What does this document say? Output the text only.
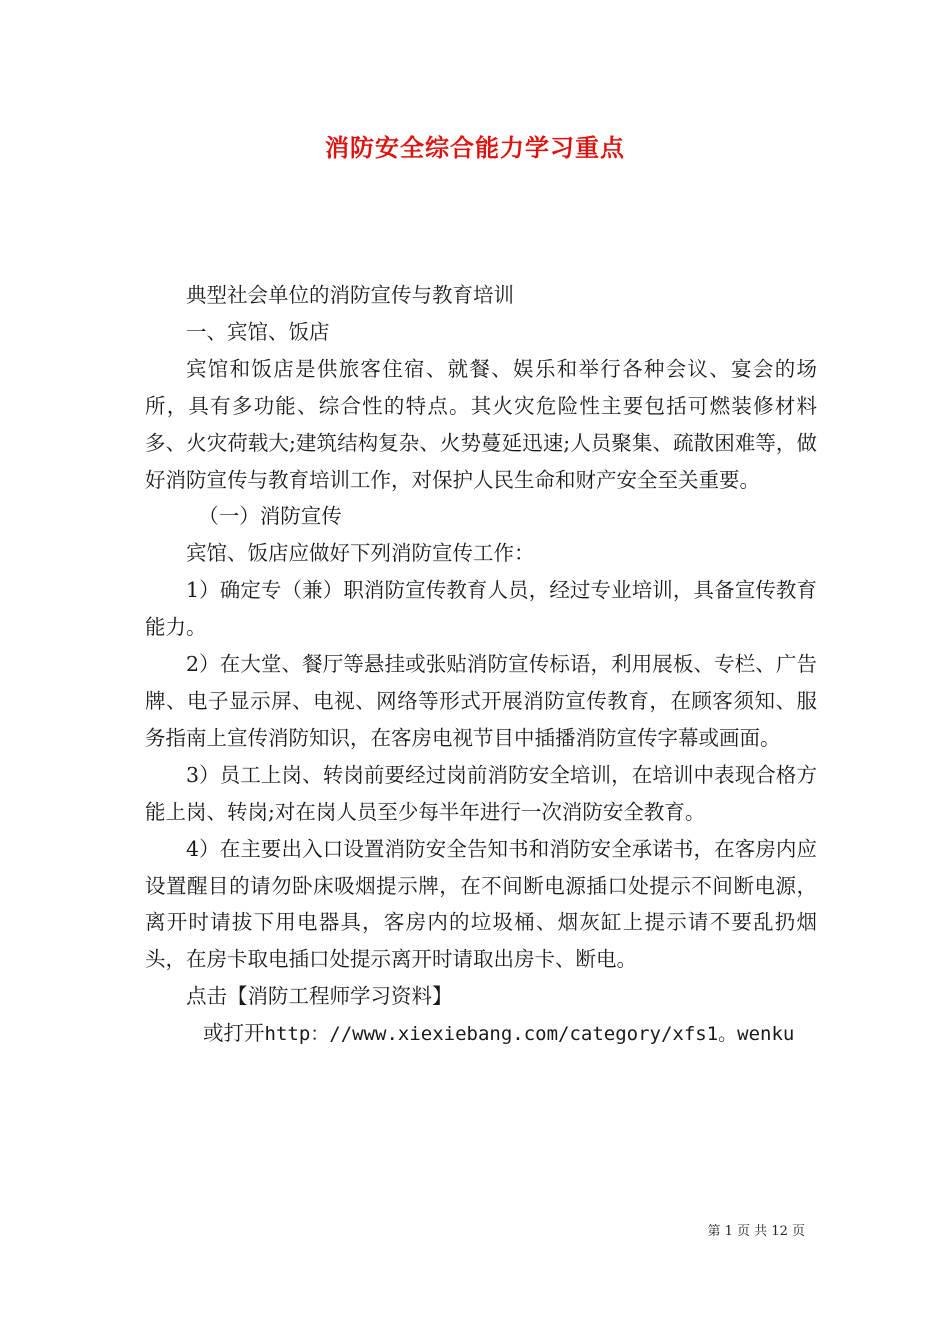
消防安全综合能力学习重点

典型社会单位的消防宣传与教育培训

一、宾馆、饭店

宾馆和饭店是供旅客住宿、就餐、娱乐和举行各种会议、宴会的场所，具有多功能、综合性的特点。其火灾危险性主要包括可燃装修材料多、火灾荷载大;建筑结构复杂、火势蔓延迅速;人员聚集、疏散困难等，做好消防宣传与教育培训工作，对保护人民生命和财产安全至关重要。

（一）消防宣传

宾馆、饭店应做好下列消防宣传工作：

1）确定专（兼）职消防宣传教育人员，经过专业培训，具备宣传教育能力。

2）在大堂、餐厅等悬挂或张贴消防宣传标语，利用展板、专栏、广告牌、电子显示屏、电视、网络等形式开展消防宣传教育，在顾客须知、服务指南上宣传消防知识，在客房电视节目中插播消防宣传字幕或画面。

3）员工上岗、转岗前要经过岗前消防安全培训，在培训中表现合格方能上岗、转岗;对在岗人员至少每半年进行一次消防安全教育。

4）在主要出入口设置消防安全告知书和消防安全承诺书，在客房内应设置醒目的请勿卧床吸烟提示牌，在不间断电源插口处提示不间断电源，离开时请拔下用电器具，客房内的垃圾桶、烟灰缸上提示请不要乱扔烟头，在房卡取电插口处提示离开时请取出房卡、断电。

点击【消防工程师学习资料】

或打开http：//www.xiexiebang.com/category/xfs1。wenku

第 1 页 共 12 页
